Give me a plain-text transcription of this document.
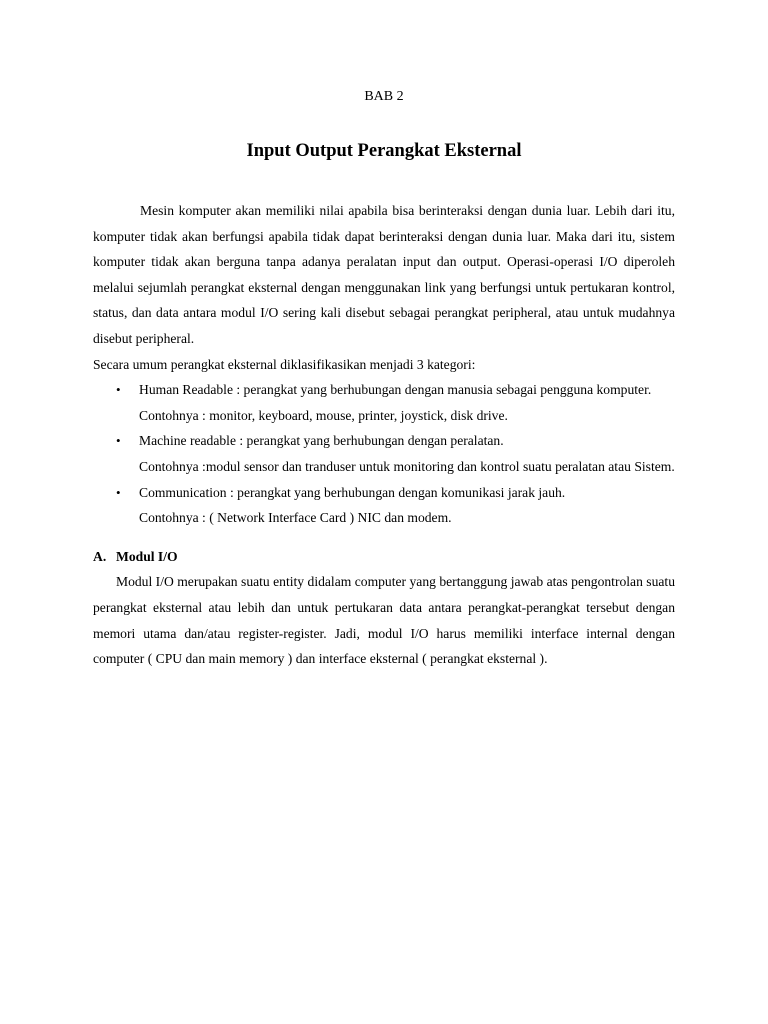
BAB 2
Input Output Perangkat Eksternal

Mesin komputer akan memiliki nilai apabila bisa berinteraksi dengan dunia luar. Lebih dari itu, komputer tidak akan berfungsi apabila tidak dapat berinteraksi dengan dunia luar. Maka dari itu, sistem komputer tidak akan berguna tanpa adanya peralatan input dan output. Operasi-operasi I/O diperoleh melalui sejumlah perangkat eksternal dengan menggunakan link yang berfungsi untuk pertukaran kontrol, status, dan data antara modul I/O sering kali disebut sebagai perangkat peripheral, atau untuk mudahnya disebut peripheral.

Secara umum perangkat eksternal diklasifikasikan menjadi 3 kategori:

• Human Readable : perangkat yang berhubungan dengan manusia sebagai pengguna komputer.

Contohnya : monitor, keyboard, mouse, printer, joystick, disk drive.

• Machine readable : perangkat yang berhubungan dengan peralatan.

Contohnya :modul sensor dan tranduser untuk monitoring dan kontrol suatu peralatan atau Sistem.

• Communication : perangkat yang berhubungan dengan komunikasi jarak jauh.

Contohnya : ( Network Interface Card ) NIC dan modem.

A. Modul I/O

Modul I/O merupakan suatu entity didalam computer yang bertanggung jawab atas pengontrolan suatu perangkat eksternal atau lebih dan untuk pertukaran data antara perangkat-perangkat tersebut dengan memori utama dan/atau register-register. Jadi, modul I/O harus memiliki interface internal dengan computer ( CPU dan main memory ) dan interface eksternal ( perangkat eksternal ).
